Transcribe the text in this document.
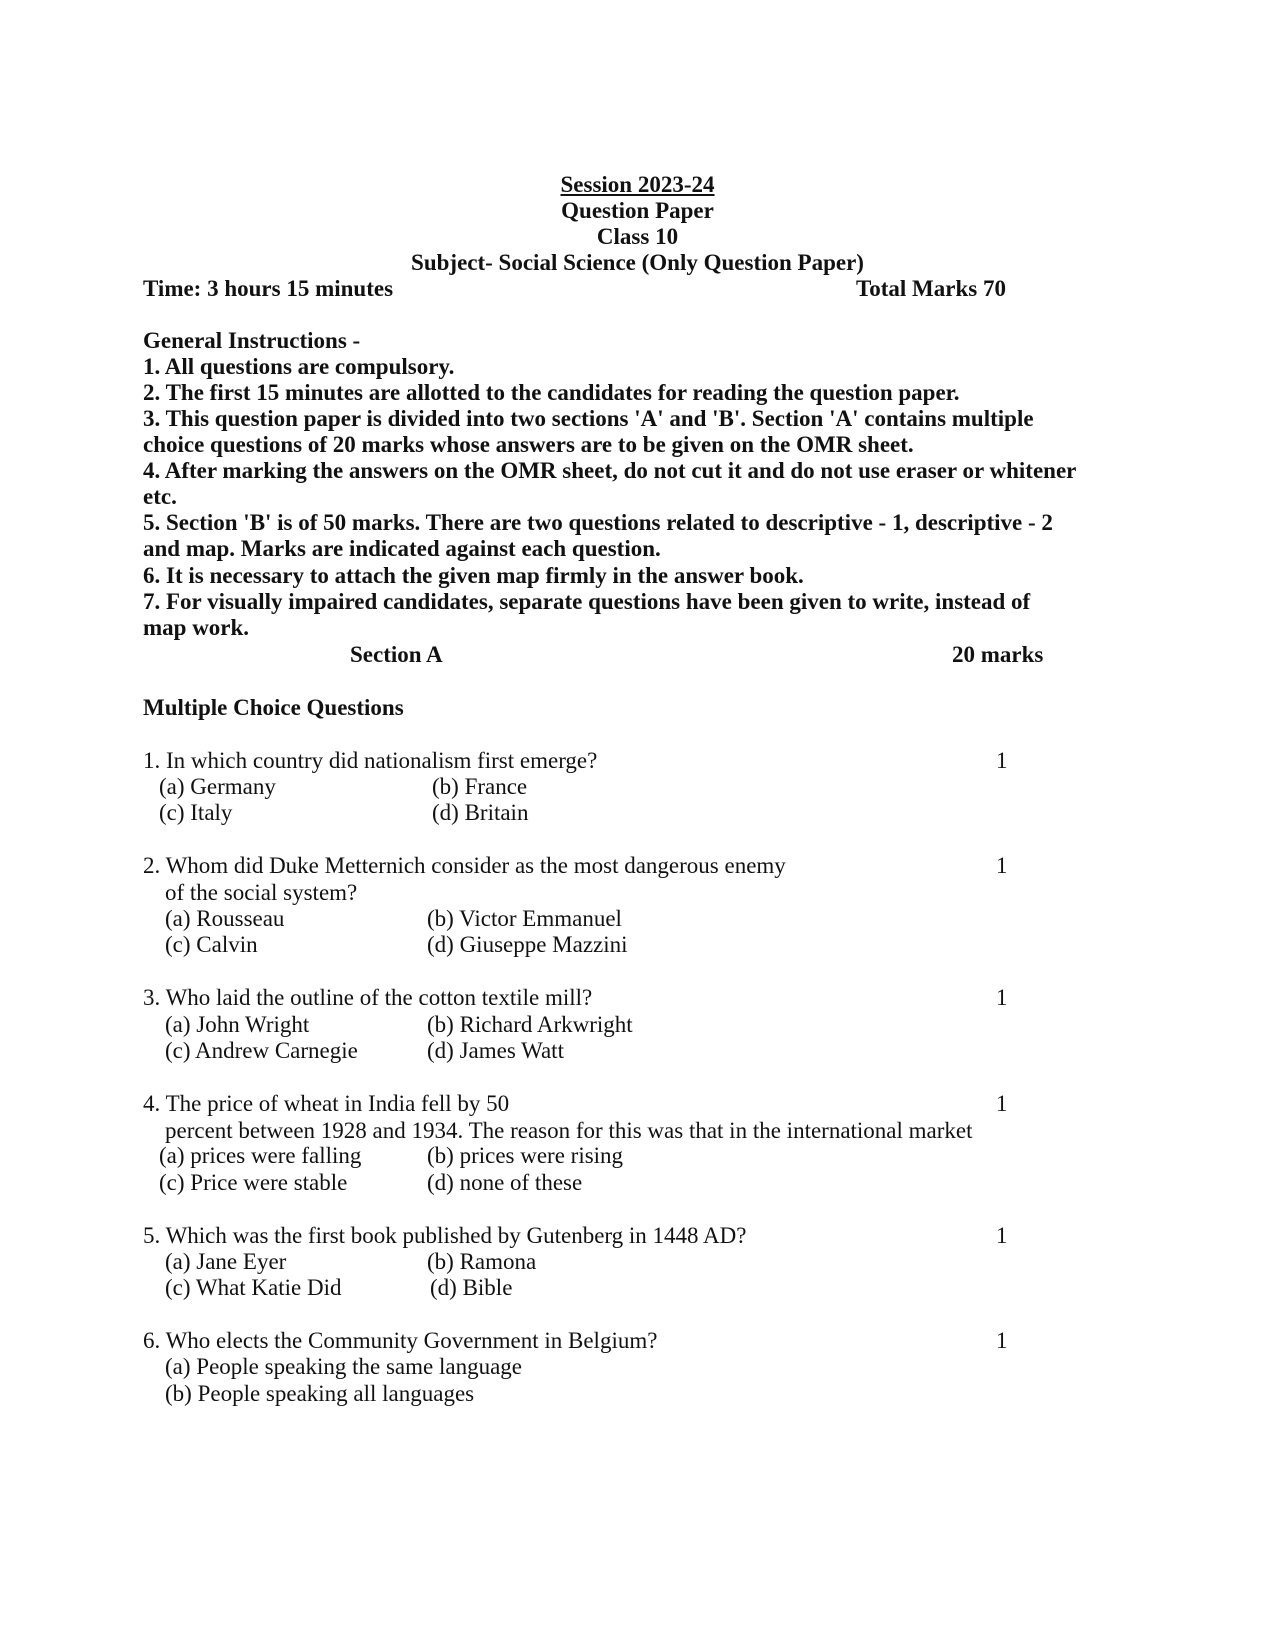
Session 2023-24
Question Paper
Class 10
Subject- Social Science (Only Question Paper)
Time: 3 hours 15 minutes	Total Marks 70
General Instructions -
1. All questions are compulsory.
2. The first 15 minutes are allotted to the candidates for reading the question paper.
3. This question paper is divided into two sections 'A' and 'B'. Section 'A' contains multiple
choice questions of 20 marks whose answers are to be given on the OMR sheet.
4. After marking the answers on the OMR sheet, do not cut it and do not use eraser or whitener
etc.
5. Section 'B' is of 50 marks. There are two questions related to descriptive - 1, descriptive - 2
and map. Marks are indicated against each question.
6. It is necessary to attach the given map firmly in the answer book.
7. For visually impaired candidates, separate questions have been given to write, instead of
map work.
Section A	20 marks
Multiple Choice Questions
1. In which country did nationalism first emerge?	1
(a) Germany	(b) France
(c) Italy	(d) Britain
2. Whom did Duke Metternich consider as the most dangerous enemy	1
of the social system?
(a) Rousseau	(b) Victor Emmanuel
(c) Calvin	(d) Giuseppe Mazzini
3. Who laid the outline of the cotton textile mill?	1
(a) John Wright	(b) Richard Arkwright
(c) Andrew Carnegie	(d) James Watt
4. The price of wheat in India fell by 50	1
percent between 1928 and 1934. The reason for this was that in the international market
(a) prices were falling	(b) prices were rising
(c) Price were stable	(d) none of these
5. Which was the first book published by Gutenberg in 1448 AD?	1
(a) Jane Eyer	(b) Ramona
(c) What Katie Did	(d) Bible
6. Who elects the Community Government in Belgium?	1
(a) People speaking the same language
(b) People speaking all languages
